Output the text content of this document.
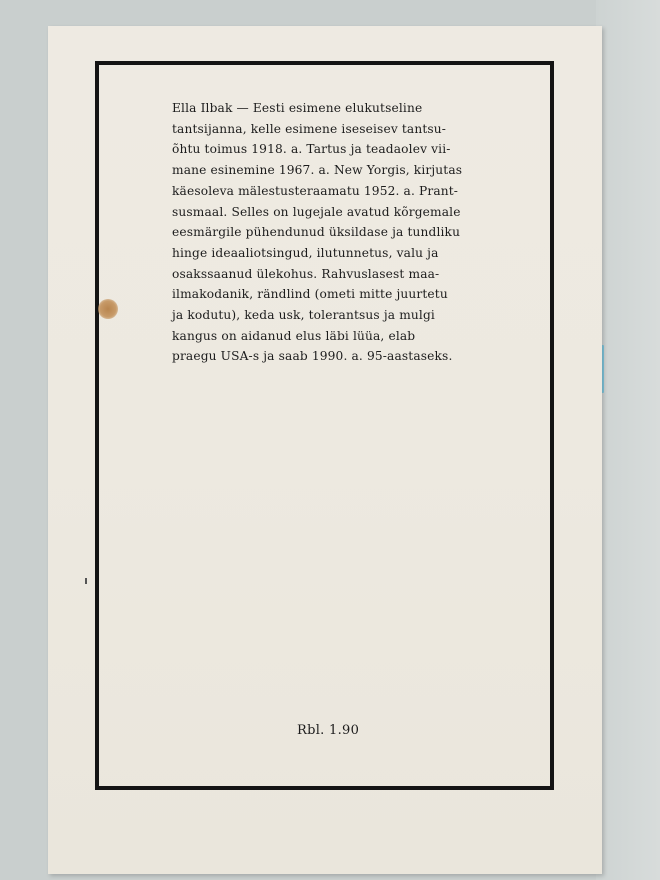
Ella Ilbak — Eesti esimene elukutseline
tantsijanna, kelle esimene iseseisev tantsu-
õhtu toimus 1918. a. Tartus ja teadaolev vii-
mane esinemine 1967. a. New Yorgis, kirjutas
käesoleva mälestusteraamatu 1952. a. Prant-
susmaal. Selles on lugejale avatud kõrgemale
eesmärgile pühendunud üksildase ja tundliku
hinge ideaaliotsingud, ilutunnetus, valu ja
osakssaanud ülekohus. Rahvuslasest maa-
ilmakodanik, rändlind (ometi mitte juurtetu
ja kodutu), keda usk, tolerantsus ja mulgi
kangus on aidanud elus läbi lüüa, elab
praegu USA-s ja saab 1990. a. 95-aastaseks.
Rbl. 1.90
